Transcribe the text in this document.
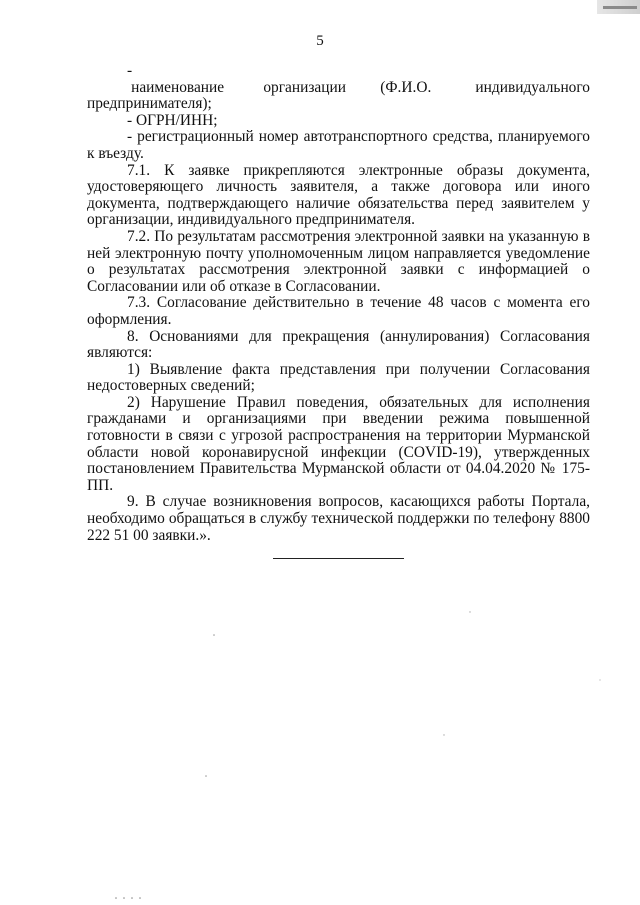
5

-         наименование        организации       (Ф.И.О.         индивидуального предпринимателя);

- ОГРН/ИНН;

- регистрационный номер автотранспортного средства, планируемого к въезду.

7.1. К заявке прикрепляются электронные образы документа, удостоверяющего личность заявителя, а также договора или иного документа, подтверждающего наличие обязательства перед заявителем у организации, индивидуального предпринимателя.

7.2. По результатам рассмотрения электронной заявки на указанную в ней электронную почту уполномоченным лицом направляется уведомление о результатах рассмотрения электронной заявки с информацией о Согласовании или об отказе в Согласовании.

7.3. Согласование действительно в течение 48 часов с момента его оформления.

8. Основаниями для прекращения (аннулирования) Согласования являются:

1) Выявление факта представления при получении Согласования недостоверных сведений;

2) Нарушение Правил поведения, обязательных для исполнения гражданами и организациями при введении режима повышенной готовности в связи с угрозой распространения на территории Мурманской области новой коронавирусной инфекции (COVID-19), утвержденных постановлением Правительства Мурманской области от 04.04.2020 № 175-ПП.

9. В случае возникновения вопросов, касающихся работы Портала, необходимо обращаться в службу технической поддержки по телефону 8800 222 51 00 заявки.».
